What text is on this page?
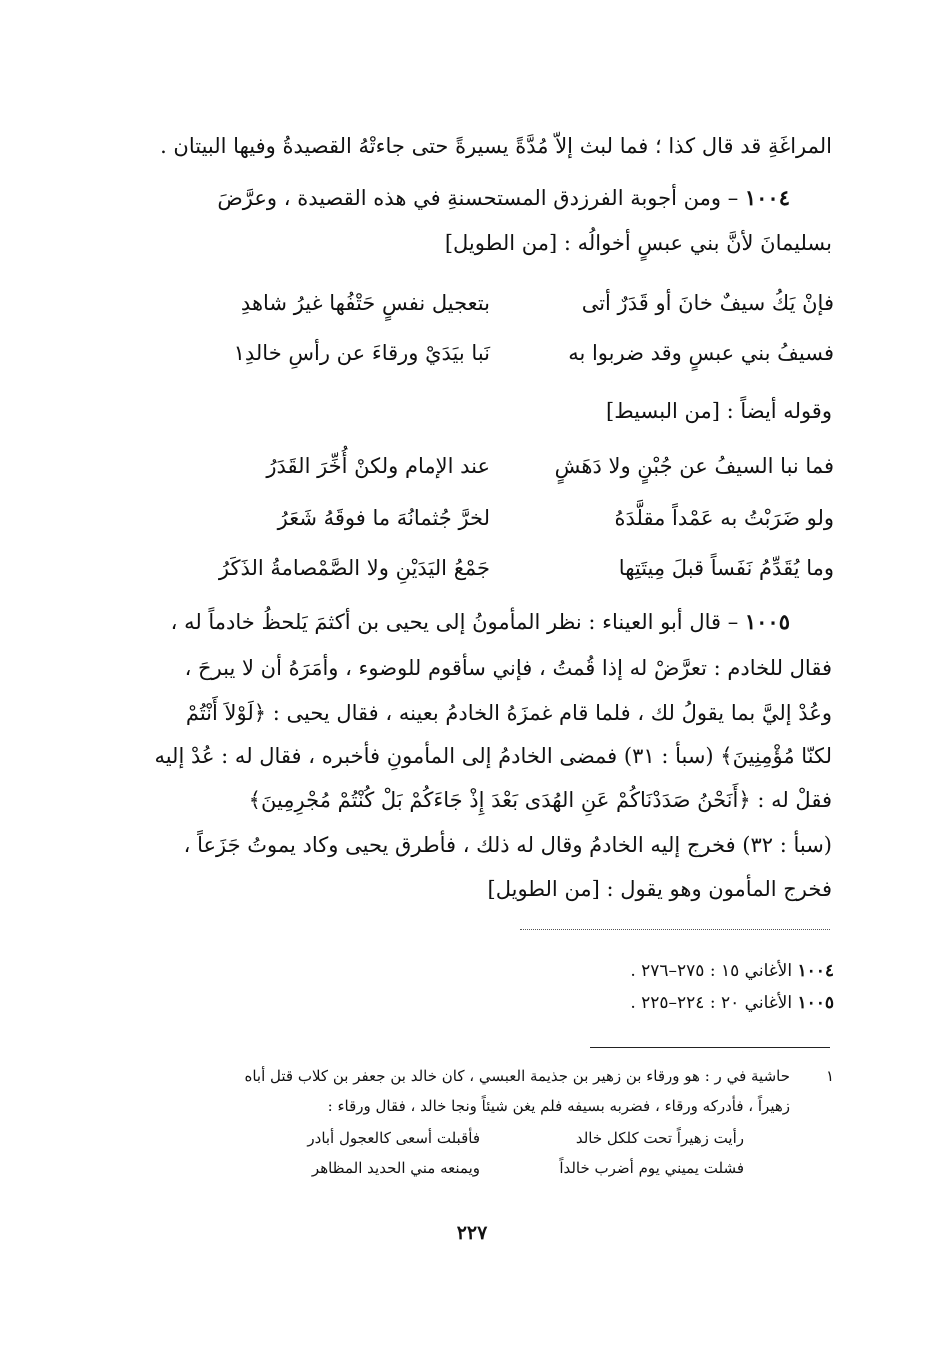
المراغَةِ قد قال كذا ؛ فما لبث إلاّ مُدَّةً يسيرةً حتى جاءتْهُ القصيدةُ وفيها البيتان .
١٠٠٤ – ومن أجوبة الفرزدق المستحسنةِ في هذه القصيدة ، وعرَّضَ
بسليمانَ لأنَّ بني عبسٍ أخوالُه : [من الطويل]
فإنْ يَكُ سيفٌ خانَ أو قَدَرٌ أتى
بتعجيل نفسٍ حَتْفُها غيرُ شاهدِ
فسيفُ بني عبسٍ وقد ضربوا به
نَبا بيَدَيْ ورقاءَ عن رأسِ خالدِ١
وقوله أيضاً : [من البسيط]
فما نبا السيفُ عن جُبْنٍ ولا دَهَشٍ
عند الإمام ولكنْ أُخِّرَ القَدَرُ
ولو ضَرَبْتُ به عَمْداً مقلَّدَهُ
لخرَّ جُثمانُهَ ما فوقَهُ شَعَرُ
وما يُقَدِّمُ نَفَساً قبلَ مِيتَتِها
جَمْعُ اليَدَيْنِ ولا الصَّمْصامةُ الذَكَرُ
١٠٠٥ – قال أبو العيناء : نظر المأمونُ إلى يحيى بن أكثمَ يَلحظُ خادماً له ،
فقال للخادم : تعرَّضْ له إذا قُمتُ ، فإني سأقوم للوضوء ، وأمَرَهُ أن لا يبرحَ ،
وعُدْ إليَّ بما يقولُ لك ، فلما قام غمزَهُ الخادمُ بعينه ، فقال يحيى : ﴿لَوْلاَ أَنْتُمْ
لكنّا مُؤْمِنِينَ﴾ (سبأ : ٣١) فمضى الخادمُ إلى المأمونِ فأخبره ، فقال له : عُدْ إليه
فقلْ له : ﴿أَنَحْنُ صَدَدْنَاكُمْ عَنِ الهُدَى بَعْدَ إِذْ جَاءَكُمْ بَلْ كُنْتُمْ مُجْرِمِينَ﴾
(سبأ : ٣٢) فخرج إليه الخادمُ وقال له ذلك ، فأطرق يحيى وكاد يموتُ جَزَعاً ،
فخرج المأمون وهو يقول : [من الطويل]
١٠٠٤ الأغاني ١٥ : ٢٧٥–٢٧٦ .
١٠٠٥ الأغاني ٢٠ : ٢٢٤–٢٢٥ .
١
حاشية في ر : هو ورقاء بن زهير بن جذيمة العبسي ، كان خالد بن جعفر بن كلاب قتل أباه
زهيراً ، فأدركه ورقاء ، فضربه بسيفه فلم يغن شيئاً ونجا خالد ، فقال ورقاء :
رأيت زهيراً تحت كلكل خالد
فأقبلت أسعى كالعجول أبادر
فشلت يميني يوم أضرب خالداً
ويمنعه مني الحديد المظاهر
٢٢٧
